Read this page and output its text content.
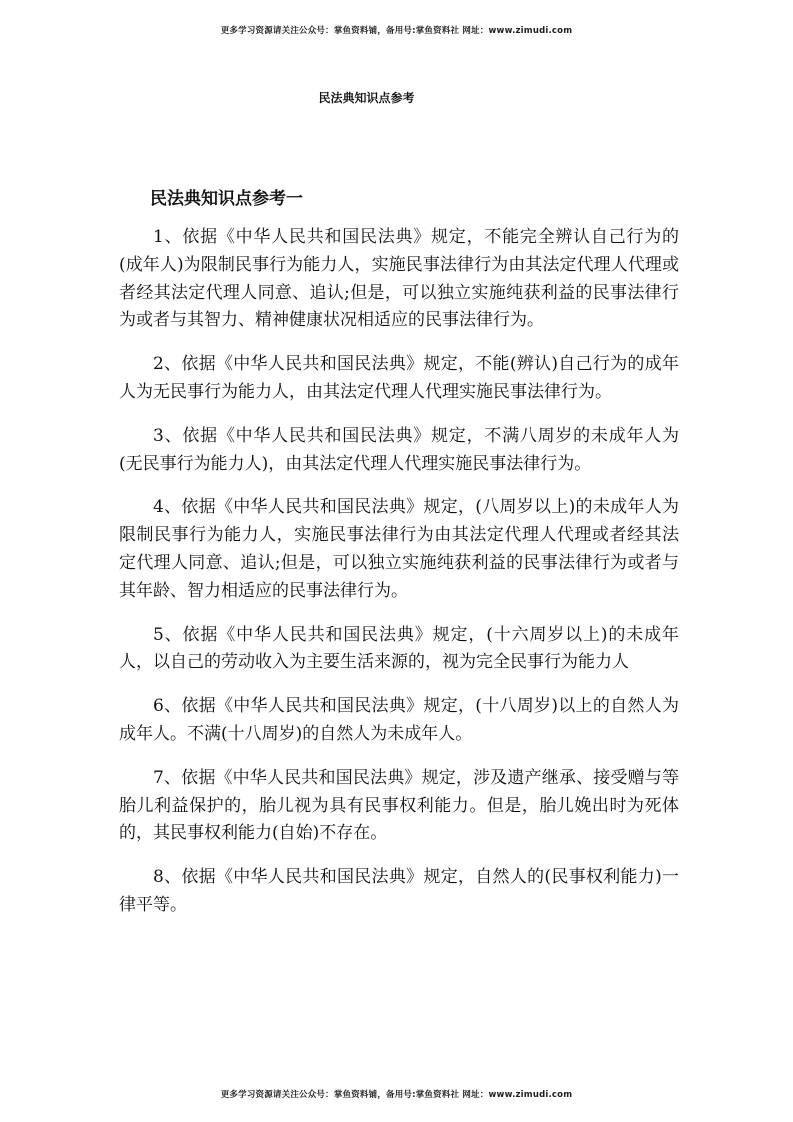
更多学习资源请关注公众号：掌鱼资料铺，备用号:掌鱼资料社 网址：www.zimudi.com
民法典知识点参考
民法典知识点参考一

1、依据《中华人民共和国民法典》规定，不能完全辨认自己行为的(成年人)为限制民事行为能力人，实施民事法律行为由其法定代理人代理或者经其法定代理人同意、追认;但是，可以独立实施纯获利益的民事法律行为或者与其智力、精神健康状况相适应的民事法律行为。

2、依据《中华人民共和国民法典》规定，不能(辨认)自己行为的成年人为无民事行为能力人，由其法定代理人代理实施民事法律行为。

3、依据《中华人民共和国民法典》规定，不满八周岁的未成年人为(无民事行为能力人)，由其法定代理人代理实施民事法律行为。

4、依据《中华人民共和国民法典》规定，(八周岁以上)的未成年人为限制民事行为能力人，实施民事法律行为由其法定代理人代理或者经其法定代理人同意、追认;但是，可以独立实施纯获利益的民事法律行为或者与其年龄、智力相适应的民事法律行为。

5、依据《中华人民共和国民法典》规定，(十六周岁以上)的未成年人，以自己的劳动收入为主要生活来源的，视为完全民事行为能力人

6、依据《中华人民共和国民法典》规定，(十八周岁)以上的自然人为成年人。不满(十八周岁)的自然人为未成年人。

7、依据《中华人民共和国民法典》规定，涉及遗产继承、接受赠与等胎儿利益保护的，胎儿视为具有民事权利能力。但是，胎儿娩出时为死体的，其民事权利能力(自始)不存在。

8、依据《中华人民共和国民法典》规定，自然人的(民事权利能力)一律平等。

更多学习资源请关注公众号：掌鱼资料铺，备用号:掌鱼资料社 网址：www.zimudi.com
